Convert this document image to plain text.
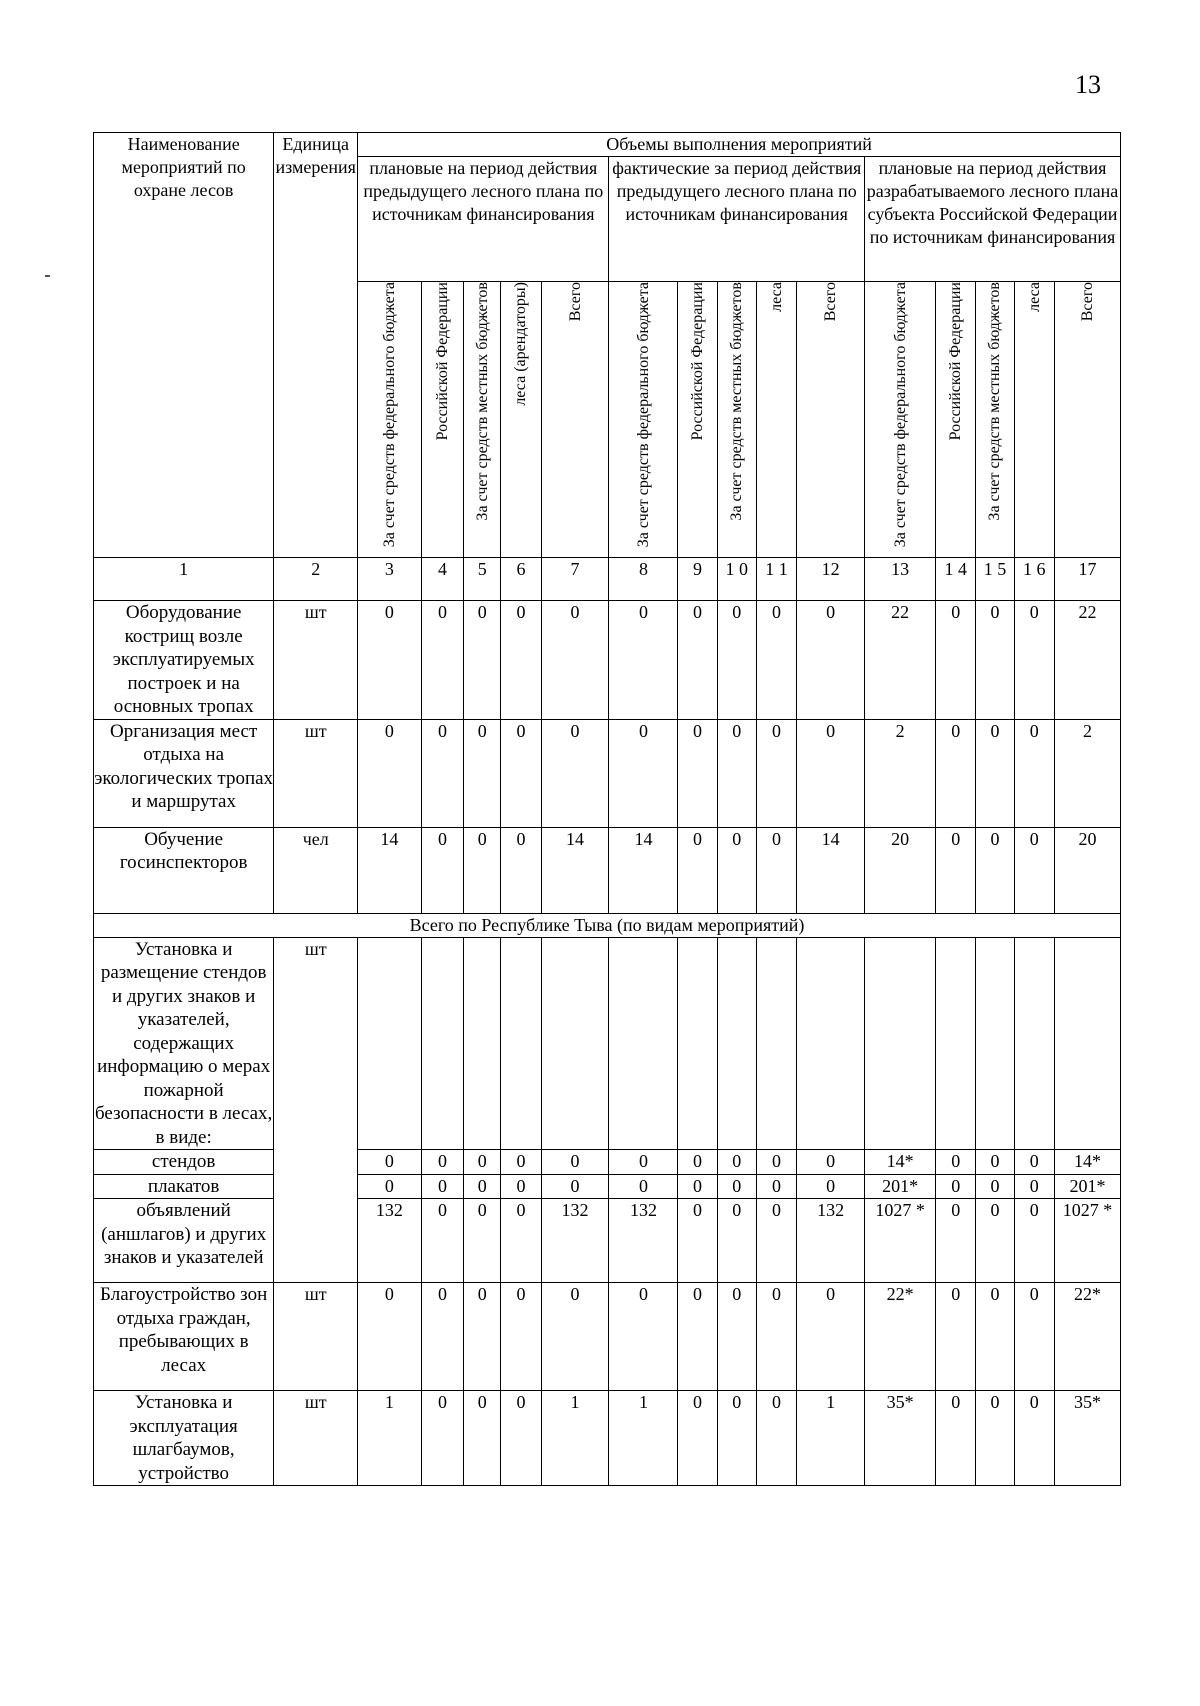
13
Наименование мероприятий по охране лесов	Единица измерения	Объемы выполнения мероприятий														
		плановые на период действия предыдущего лесного плана по источникам финансирования					фактические за период действия предыдущего лесного плана по источникам финансирования					плановые на период действия разрабатываемого лесного плана субъекта Российской Федерации по источникам финансирования				
		За счет средств федерального бюджета	Российской Федерации	За счет средств местных бюджетов	леса (арендаторы)	Всего	За счет средств федерального бюджета	Российской Федерации	За счет средств местных бюджетов	леса	Всего	За счет средств федерального бюджета	Российской Федерации	За счет средств местных бюджетов	леса	Всего
1	2	3	4	5	6	7	8	9	1 0	1 1	12	13	1 4	1 5	1 6	17
Оборудование кострищ возле эксплуатируемых построек и на основных тропах	шт	0	0	0	0	0	0	0	0	0	0	22	0	0	0	22
Организация мест отдыха на экологических тропах и маршрутах	шт	0	0	0	0	0	0	0	0	0	0	2	0	0	0	2
Обучение госинспекторов	чел	14	0	0	0	14	14	0	0	0	14	20	0	0	0	20
Всего по Республике Тыва (по видам мероприятий)																
Установка и размещение стендов и других знаков и указателей, содержащих информацию о мерах пожарной безопасности в лесах, в виде:	шт															
стендов		0	0	0	0	0	0	0	0	0	0	14*	0	0	0	14*
плакатов		0	0	0	0	0	0	0	0	0	0	201*	0	0	0	201*
объявлений (аншлагов) и других знаков и указателей		132	0	0	0	132	132	0	0	0	132	1027 *	0	0	0	1027 *
Благоустройство зон отдыха граждан, пребывающих в лесах	шт	0	0	0	0	0	0	0	0	0	0	22*	0	0	0	22*
Установка и эксплуатация шлагбаумов, устройство	шт	1	0	0	0	1	1	0	0	0	1	35*	0	0	0	35*
